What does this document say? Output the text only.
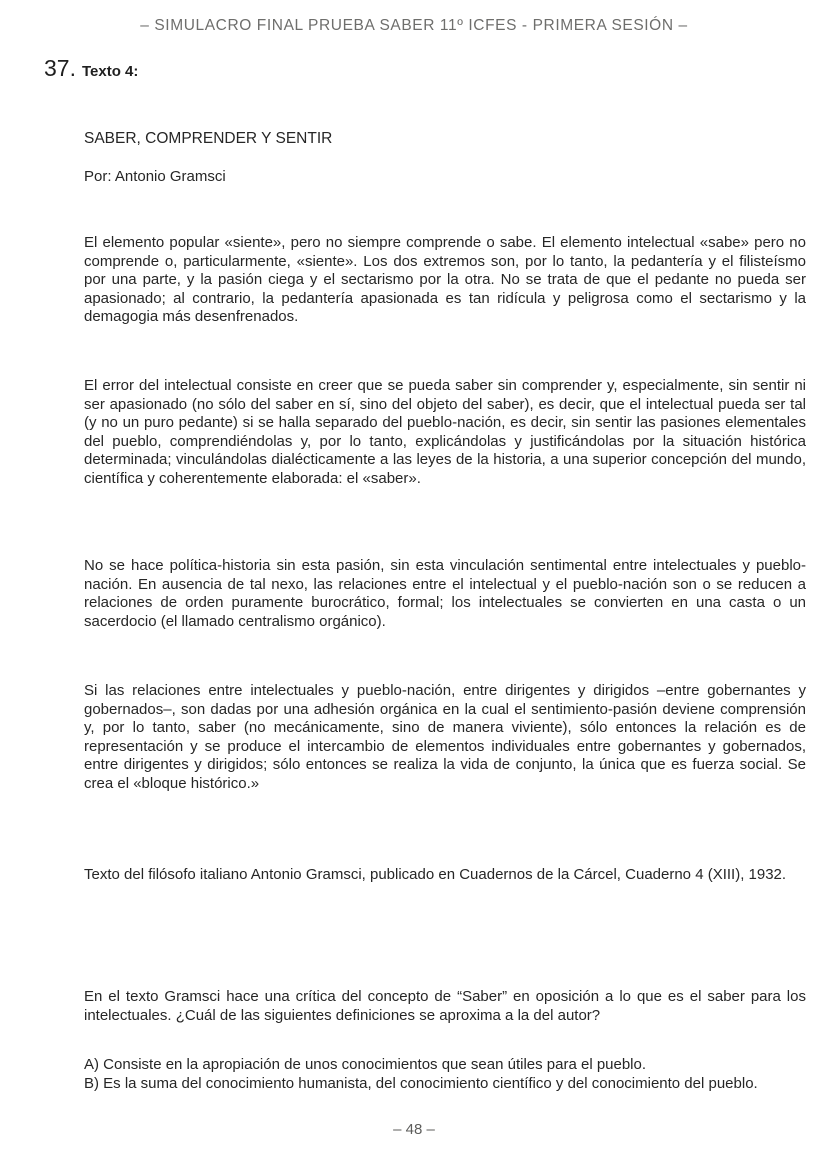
– SIMULACRO FINAL PRUEBA SABER 11º ICFES - PRIMERA SESIÓN –
37. Texto 4:
SABER, COMPRENDER Y SENTIR
Por: Antonio Gramsci
El elemento popular «siente», pero no siempre comprende o sabe. El elemento intelectual «sabe» pero no comprende o, particularmente, «siente». Los dos extremos son, por lo tanto, la pedantería y el filisteísmo por una parte, y la pasión ciega y el sectarismo por la otra. No se trata de que el pedante no pueda ser apasionado; al contrario, la pedantería apasionada es tan ridícula y peligrosa como el sectarismo y la demagogia más desenfrenados.
El error del intelectual consiste en creer que se pueda saber sin comprender y, especialmente, sin sentir ni ser apasionado (no sólo del saber en sí, sino del objeto del saber), es decir, que el intelectual pueda ser tal (y no un puro pedante) si se halla separado del pueblo-nación, es decir, sin sentir las pasiones elementales del pueblo, comprendiéndolas y, por lo tanto, explicándolas y justificándolas por la situación histórica determinada; vinculándolas dialécticamente a las leyes de la historia, a una superior concepción del mundo, científica y coherentemente elaborada: el «saber».
No se hace política-historia sin esta pasión, sin esta vinculación sentimental entre intelectuales y pueblo-nación. En ausencia de tal nexo, las relaciones entre el intelectual y el pueblo-nación son o se reducen a relaciones de orden puramente burocrático, formal; los intelectuales se convierten en una casta o un sacerdocio (el llamado centralismo orgánico).
Si las relaciones entre intelectuales y pueblo-nación, entre dirigentes y dirigidos –entre gobernantes y gobernados–, son dadas por una adhesión orgánica en la cual el sentimiento-pasión deviene comprensión y, por lo tanto, saber (no mecánicamente, sino de manera viviente), sólo entonces la relación es de representación y se produce el intercambio de elementos individuales entre gobernantes y gobernados, entre dirigentes y dirigidos; sólo entonces se realiza la vida de conjunto, la única que es fuerza social. Se crea el «bloque histórico.»
Texto del filósofo italiano Antonio Gramsci, publicado en Cuadernos de la Cárcel, Cuaderno 4 (XIII), 1932.
En el texto Gramsci hace una crítica del concepto de “Saber” en oposición a lo que es el saber para los intelectuales. ¿Cuál de las siguientes definiciones se aproxima a la del autor?
A) Consiste en la apropiación de unos conocimientos que sean útiles para el pueblo.
B) Es la suma del conocimiento humanista, del conocimiento científico y del conocimiento del pueblo.
– 48 –
